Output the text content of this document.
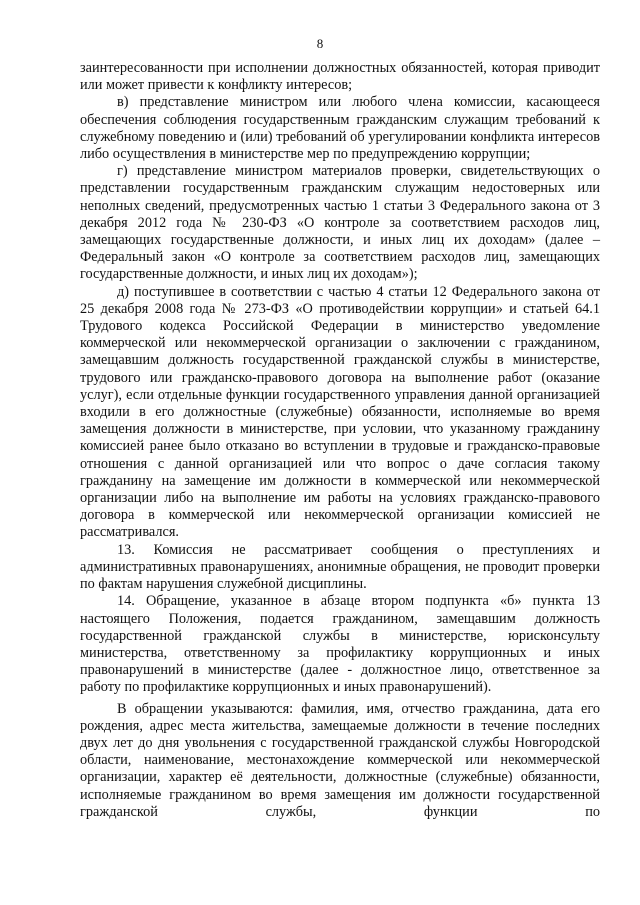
8

заинтересованности при исполнении должностных обязанностей, которая приводит или может привести к конфликту интересов;

в) представление министром или любого члена комиссии, касающееся обеспечения соблюдения государственным гражданским служащим требований к служебному поведению и (или) требований об урегулировании конфликта интересов либо осуществления в министерстве мер по предупреждению коррупции;

г) представление министром материалов проверки, свидетельствующих о представлении государственным гражданским служащим недостоверных или неполных сведений, предусмотренных частью 1 статьи 3 Федерального закона от 3 декабря 2012 года № 230-ФЗ «О контроле за соответствием расходов лиц, замещающих государственные должности, и иных лиц их доходам» (далее – Федеральный закон «О контроле за соответствием расходов лиц, замещающих государственные должности, и иных лиц их доходам»);

д) поступившее в соответствии с частью 4 статьи 12 Федерального закона от 25 декабря 2008 года № 273-ФЗ «О противодействии коррупции» и статьей 64.1 Трудового кодекса Российской Федерации в министерство уведомление коммерческой или некоммерческой организации о заключении с гражданином, замещавшим должность государственной гражданской службы в министерстве, трудового или гражданско-правового договора на выполнение работ (оказание услуг), если отдельные функции государственного управления данной организацией входили в его должностные (служебные) обязанности, исполняемые во время замещения должности в министерстве, при условии, что указанному гражданину комиссией ранее было отказано во вступлении в трудовые и гражданско-правовые отношения с данной организацией или что вопрос о даче согласия такому гражданину на замещение им должности в коммерческой или некоммерческой организации либо на выполнение им работы на условиях гражданско-правового договора в коммерческой или некоммерческой организации комиссией не рассматривался.

13. Комиссия не рассматривает сообщения о преступлениях и административных правонарушениях, анонимные обращения, не проводит проверки по фактам нарушения служебной дисциплины.

14. Обращение, указанное в абзаце втором подпункта «б» пункта 13 настоящего Положения, подается гражданином, замещавшим должность государственной гражданской службы в министерстве, юрисконсульту министерства, ответственному за профилактику коррупционных и иных правонарушений в министерстве (далее - должностное лицо, ответственное за работу по профилактике коррупционных и иных правонарушений).

В обращении указываются: фамилия, имя, отчество гражданина, дата его рождения, адрес места жительства, замещаемые должности в течение последних двух лет до дня увольнения с государственной гражданской службы Новгородской области, наименование, местонахождение коммерческой или некоммерческой организации, характер её деятельности, должностные (служебные) обязанности, исполняемые гражданином во время замещения им должности государственной гражданской службы, функции по
